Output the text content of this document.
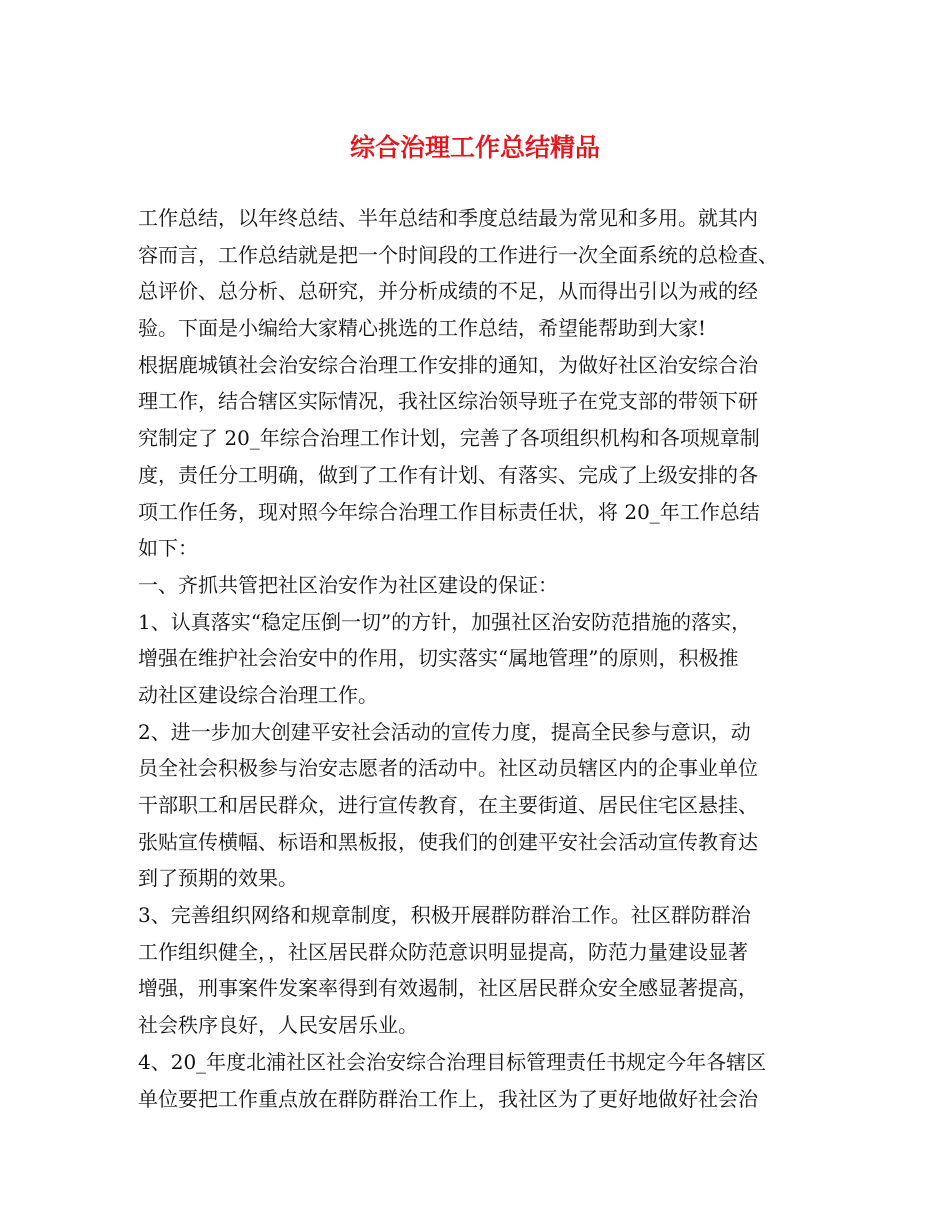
综合治理工作总结精品
工作总结，以年终总结、半年总结和季度总结最为常见和多用。就其内
容而言，工作总结就是把一个时间段的工作进行一次全面系统的总检查、
总评价、总分析、总研究，并分析成绩的不足，从而得出引以为戒的经
验。下面是小编给大家精心挑选的工作总结，希望能帮助到大家!
根据鹿城镇社会治安综合治理工作安排的通知，为做好社区治安综合治
理工作，结合辖区实际情况，我社区综治领导班子在党支部的带领下研
究制定了 20_年综合治理工作计划，完善了各项组织机构和各项规章制
度，责任分工明确，做到了工作有计划、有落实、完成了上级安排的各
项工作任务，现对照今年综合治理工作目标责任状，将 20_年工作总结
如下：
一、齐抓共管把社区治安作为社区建设的保证：
1、认真落实“稳定压倒一切”的方针，加强社区治安防范措施的落实，
增强在维护社会治安中的作用，切实落实“属地管理”的原则，积极推
动社区建设综合治理工作。
2、进一步加大创建平安社会活动的宣传力度，提高全民参与意识，动
员全社会积极参与治安志愿者的活动中。社区动员辖区内的企事业单位
干部职工和居民群众，进行宣传教育，在主要街道、居民住宅区悬挂、
张贴宣传横幅、标语和黑板报，使我们的创建平安社会活动宣传教育达
到了预期的效果。
3、完善组织网络和规章制度，积极开展群防群治工作。社区群防群治
工作组织健全，，社区居民群众防范意识明显提高，防范力量建设显著
增强，刑事案件发案率得到有效遏制，社区居民群众安全感显著提高，
社会秩序良好，人民安居乐业。
4、20_年度北浦社区社会治安综合治理目标管理责任书规定今年各辖区
单位要把工作重点放在群防群治工作上，我社区为了更好地做好社会治
